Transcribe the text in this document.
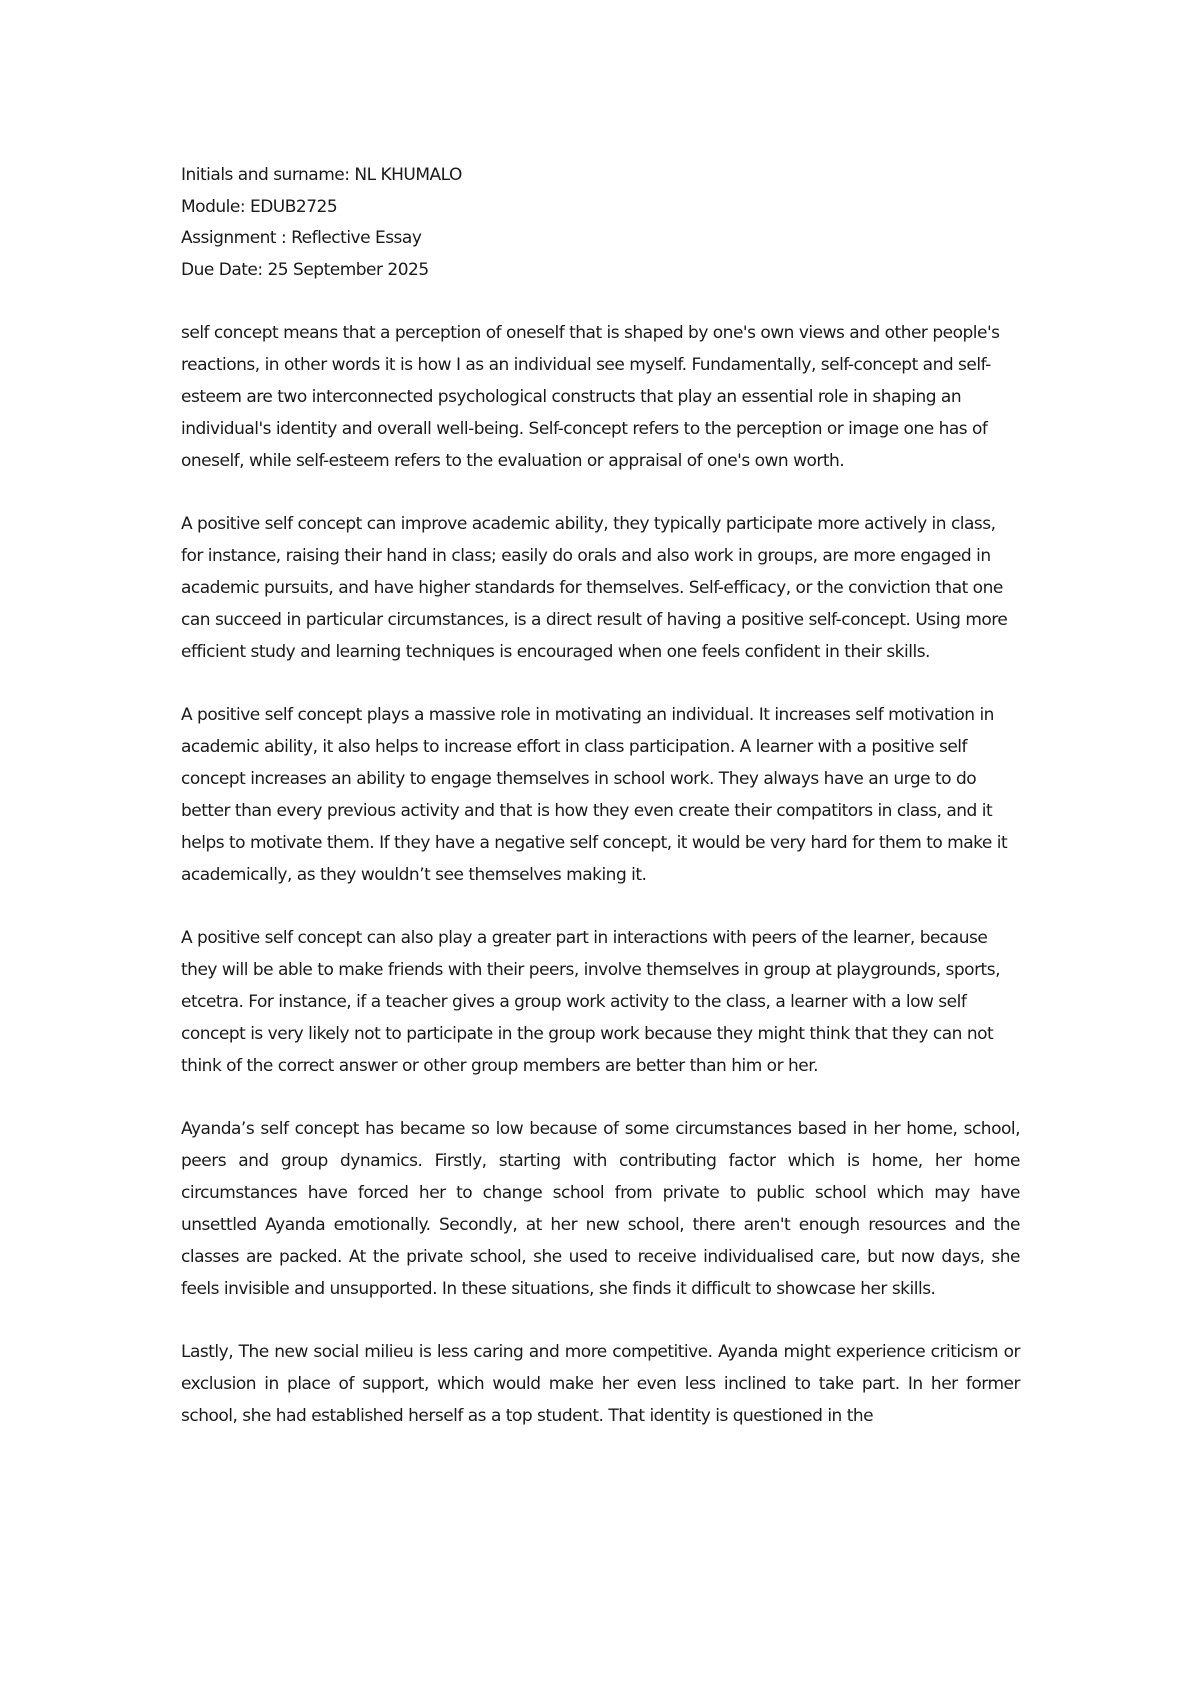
Initials and surname: NL KHUMALO

Module: EDUB2725

Assignment : Reflective Essay

Due Date: 25 September 2025

self concept means that a perception of oneself that is shaped by one's own views and other people's reactions, in other words it is how I as an individual see myself. Fundamentally, self-concept and self-esteem are two interconnected psychological constructs that play an essential role in shaping an individual's identity and overall well-being. Self-concept refers to the perception or image one has of oneself, while self-esteem refers to the evaluation or appraisal of one's own worth.

A positive self concept can improve academic ability, they typically participate more actively in class, for instance, raising their hand in class; easily do orals and also work in groups, are more engaged in academic pursuits, and have higher standards for themselves. Self-efficacy, or the conviction that one can succeed in particular circumstances, is a direct result of having a positive self-concept. Using more efficient study and learning techniques is encouraged when one feels confident in their skills.

A positive self concept plays a massive role in motivating an individual. It increases self motivation in academic ability, it also helps to increase effort in class participation. A learner with a positive self concept increases an ability to engage themselves in school work. They always have an urge to do better than every previous activity and that is how they even create their compatitors in class, and it helps to motivate them. If they have a negative self concept, it would be very hard for them to make it academically, as they wouldn’t see themselves making it.

A positive self concept can also play a greater part in interactions with peers of the learner, because they will be able to make friends with their peers, involve themselves in group at playgrounds, sports, etcetra. For instance, if a teacher gives a group work activity to the class, a learner with a low self concept is very likely not to participate in the group work because they might think that they can not think of the correct answer or other group members are better than him or her.

Ayanda’s self concept has became so low because of some circumstances based in her home, school, peers and group dynamics. Firstly, starting with contributing factor which is home, her home circumstances have forced her to change school from private to public school which may have unsettled Ayanda emotionally. Secondly, at her new school, there aren't enough resources and the classes are packed. At the private school, she used to receive individualised care, but now days, she feels invisible and unsupported. In these situations, she finds it difficult to showcase her skills.

Lastly, The new social milieu is less caring and more competitive. Ayanda might experience criticism or exclusion in place of support, which would make her even less inclined to take part. In her former school, she had established herself as a top student. That identity is questioned in the
